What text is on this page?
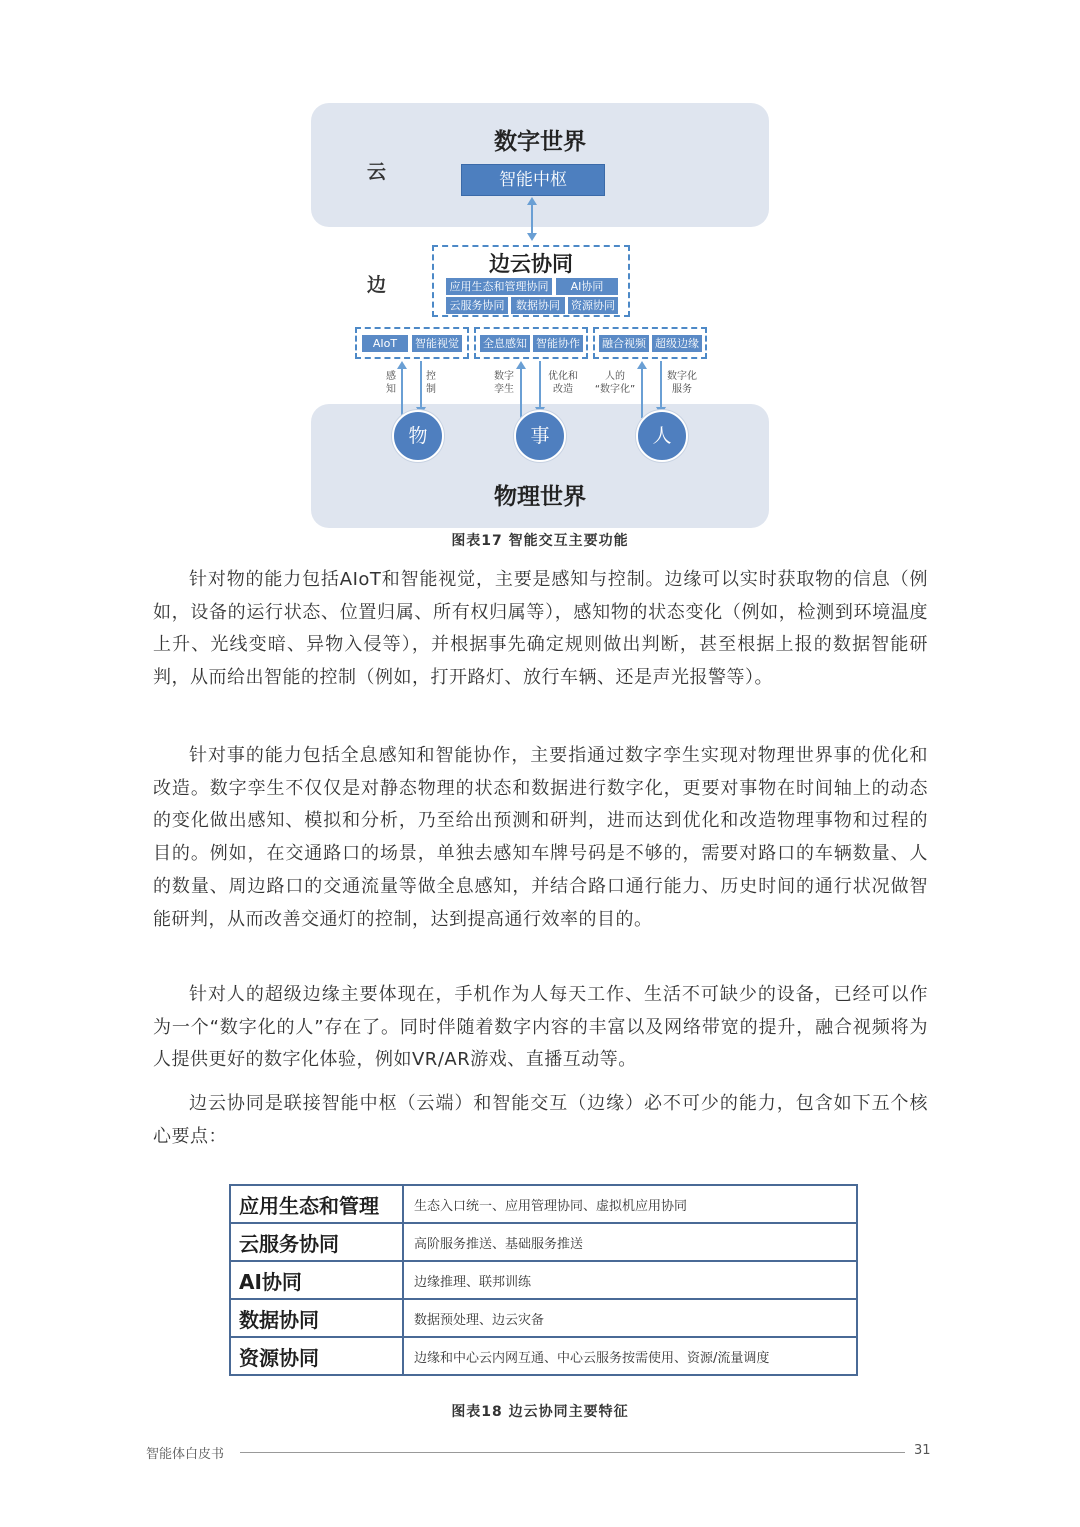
数字世界
云	智能中枢
边
边云协同
应用生态和管理协同	AI协同
云服务协同	数据协同	资源协同
AIoT	智能视觉 全息感知 智能协作 融合视频 超级边缘
物理世界
感
知
控
制
数字
孪生
优化和
改造
人的
“数字化”
数字化
服务
物	事	人
图表17 智能交互主要功能

针对物的能力包括AIoT和智能视觉，主要是感知与控制。边缘可以实时获取物的信息（例如，设备的运行状态、位置归属、所有权归属等），感知物的状态变化（例如，检测到环境温度上升、光线变暗、异物入侵等），并根据事先确定规则做出判断，甚至根据上报的数据智能研判，从而给出智能的控制（例如，打开路灯、放行车辆、还是声光报警等）。

针对事的能力包括全息感知和智能协作，主要指通过数字孪生实现对物理世界事的优化和改造。数字孪生不仅仅是对静态物理的状态和数据进行数字化，更要对事物在时间轴上的动态的变化做出感知、模拟和分析，乃至给出预测和研判，进而达到优化和改造物理事物和过程的目的。例如，在交通路口的场景，单独去感知车牌号码是不够的，需要对路口的车辆数量、人的数量、周边路口的交通流量等做全息感知，并结合路口通行能力、历史时间的通行状况做智能研判，从而改善交通灯的控制，达到提高通行效率的目的。

针对人的超级边缘主要体现在，手机作为人每天工作、生活不可缺少的设备，已经可以作为一个“数字化的人”存在了。同时伴随着数字内容的丰富以及网络带宽的提升，融合视频将为人提供更好的数字化体验，例如VR/AR游戏、直播互动等。

边云协同是联接智能中枢（云端）和智能交互（边缘）必不可少的能力，包含如下五个核心要点：

应用生态和管理	生态入口统一、应用管理协同、虚拟机应用协同
云服务协同	高阶服务推送、基础服务推送
AI协同	边缘推理、联邦训练
数据协同	数据预处理、边云灾备
资源协同	边缘和中心云内网互通、中心云服务按需使用、资源/流量调度
图表18 边云协同主要特征
智能体白皮书	31
